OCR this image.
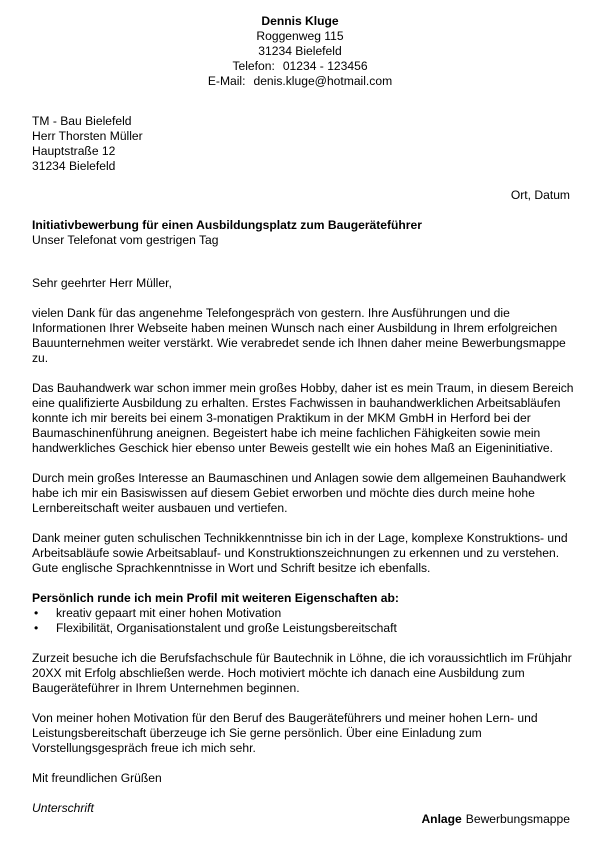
Dennis Kluge
Roggenweg 115
31234 Bielefeld
Telefon: 01234 - 123456
E-Mail: denis.kluge@hotmail.com
TM - Bau Bielefeld
Herr Thorsten Müller
Hauptstraße 12
31234 Bielefeld
Ort, Datum
Initiativbewerbung für einen Ausbildungsplatz zum Baugeräteführer
Unser Telefonat vom gestrigen Tag

Sehr geehrter Herr Müller,

vielen Dank für das angenehme Telefongespräch von gestern. Ihre Ausführungen und die Informationen Ihrer Webseite haben meinen Wunsch nach einer Ausbildung in Ihrem erfolgreichen Bauunternehmen weiter verstärkt. Wie verabredet sende ich Ihnen daher meine Bewerbungsmappe zu.

Das Bauhandwerk war schon immer mein großes Hobby, daher ist es mein Traum, in diesem Bereich eine qualifizierte Ausbildung zu erhalten. Erstes Fachwissen in bauhandwerklichen Arbeitsabläufen konnte ich mir bereits bei einem 3-monatigen Praktikum in der MKM GmbH in Herford bei der Baumaschinenführung aneignen. Begeistert habe ich meine fachlichen Fähigkeiten sowie mein handwerkliches Geschick hier ebenso unter Beweis gestellt wie ein hohes Maß an Eigeninitiative.

Durch mein großes Interesse an Baumaschinen und Anlagen sowie dem allgemeinen Bauhandwerk habe ich mir ein Basiswissen auf diesem Gebiet erworben und möchte dies durch meine hohe Lernbereitschaft weiter ausbauen und vertiefen.

Dank meiner guten schulischen Technikkenntnisse bin ich in der Lage, komplexe Konstruktions- und Arbeitsabläufe sowie Arbeitsablauf- und Konstruktionszeichnungen zu erkennen und zu verstehen. Gute englische Sprachkenntnisse in Wort und Schrift besitze ich ebenfalls.

Persönlich runde ich mein Profil mit weiteren Eigenschaften ab:
• kreativ gepaart mit einer hohen Motivation
• Flexibilität, Organisationstalent und große Leistungsbereitschaft

Zurzeit besuche ich die Berufsfachschule für Bautechnik in Löhne, die ich voraussichtlich im Frühjahr 20XX mit Erfolg abschließen werde. Hoch motiviert möchte ich danach eine Ausbildung zum Baugeräteführer in Ihrem Unternehmen beginnen.

Von meiner hohen Motivation für den Beruf des Baugeräteführers und meiner hohen Lern- und Leistungsbereitschaft überzeuge ich Sie gerne persönlich. Über eine Einladung zum Vorstellungsgespräch freue ich mich sehr.

Mit freundlichen Grüßen

Unterschrift
Anlage Bewerbungsmappe
